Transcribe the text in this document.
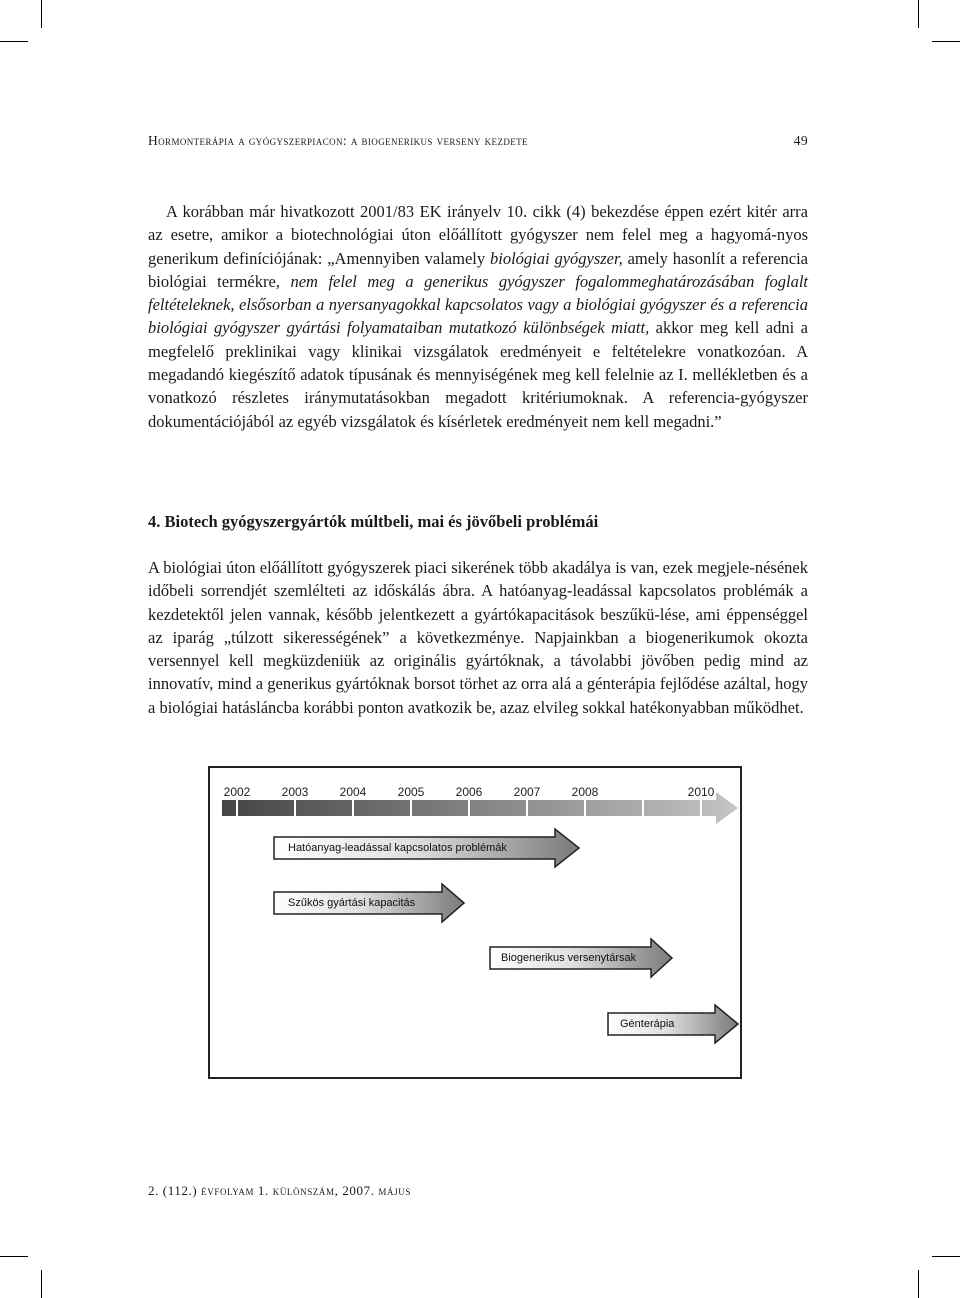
Hormonterápia a gyógyszerpiacon: a biogenerikus verseny kezdete	49

A korábban már hivatkozott 2001/83 EK irányelv 10. cikk (4) bekezdése éppen ezért kitér arra az esetre, amikor a biotechnológiai úton előállított gyógyszer nem felel meg a hagyomá-nyos generikum definíciójának: „Amennyiben valamely biológiai gyógyszer, amely hasonlít a referencia biológiai termékre, nem felel meg a generikus gyógyszer fogalommeghatározásában foglalt feltételeknek, elsősorban a nyersanyagokkal kapcsolatos vagy a biológiai gyógyszer és a referencia biológiai gyógyszer gyártási folyamataiban mutatkozó különbségek miatt, akkor meg kell adni a megfelelő preklinikai vagy klinikai vizsgálatok eredményeit e feltételekre vonatkozóan. A megadandó kiegészítő adatok típusának és mennyiségének meg kell felelnie az I. mellékletben és a vonatkozó részletes iránymutatásokban megadott kritériumoknak. A referencia-gyógyszer dokumentációjából az egyéb vizsgálatok és kísérletek eredményeit nem kell megadni.”

4. Biotech gyógyszergyártók múltbeli, mai és jövőbeli problémái

A biológiai úton előállított gyógyszerek piaci sikerének több akadálya is van, ezek megjele-nésének időbeli sorrendjét szemlélteti az időskálás ábra. A hatóanyag-leadással kapcsolatos problémák a kezdetektől jelen vannak, később jelentkezett a gyártókapacitások beszűkü-lése, ami éppenséggel az iparág „túlzott sikerességének” a következménye. Napjainkban a biogenerikumok okozta versennyel kell megküzdeniük az originális gyártóknak, a távolabbi jövőben pedig mind az innovatív, mind a generikus gyártóknak borsot törhet az orra alá a génterápia fejlődése azáltal, hogy a biológiai hatásláncba korábbi ponton avatkozik be, azaz elvileg sokkal hatékonyabban működhet.

2002	2003	2004	2005	2006	2007	2008	2010
Hatóanyag-leadással kapcsolatos problémák
Szűkös gyártási kapacitás
Biogenerikus versenytársak
Génterápia
2. (112.) évfolyam 1. különszám, 2007. május
